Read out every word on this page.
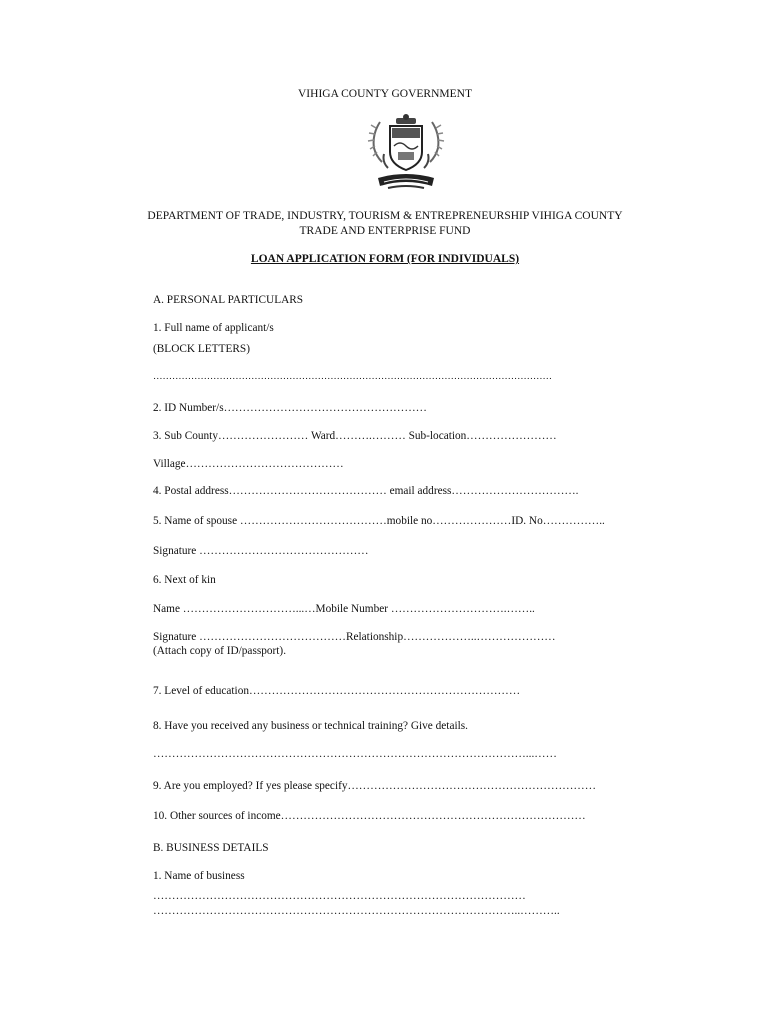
VIHIGA COUNTY GOVERNMENT
DEPARTMENT OF TRADE, INDUSTRY, TOURISM & ENTREPRENEURSHIP VIHIGA COUNTY
TRADE AND ENTERPRISE FUND
LOAN APPLICATION FORM (FOR INDIVIDUALS)
A. PERSONAL PARTICULARS
1. Full name of applicant/s
(BLOCK LETTERS)
………………………………………………………………………………………………………………
2. ID Number/s………………………………………………
3. Sub County…………………… Ward……….……… Sub-location……………………
Village……………………………………
4. Postal address…………………………………… email address…………………………….
5. Name of spouse …………………………………mobile no…………………ID. No……………..
Signature ………………………………………
6. Next of kin
Name …………………………...…Mobile Number ………………………….……..
Signature …………………………………Relationship………………..…………………
(Attach copy of ID/passport).
7. Level of education………………………………………………………………
8. Have you received any business or technical training? Give details.
………………………………………………………………………………………...……
9. Are you employed? If yes please specify…………………………………………………………
10. Other sources of income………………………………………………………………………
B. BUSINESS DETAILS
1. Name of business
………………………………………………………………………………………
……………………………………………………………………………………..………..
